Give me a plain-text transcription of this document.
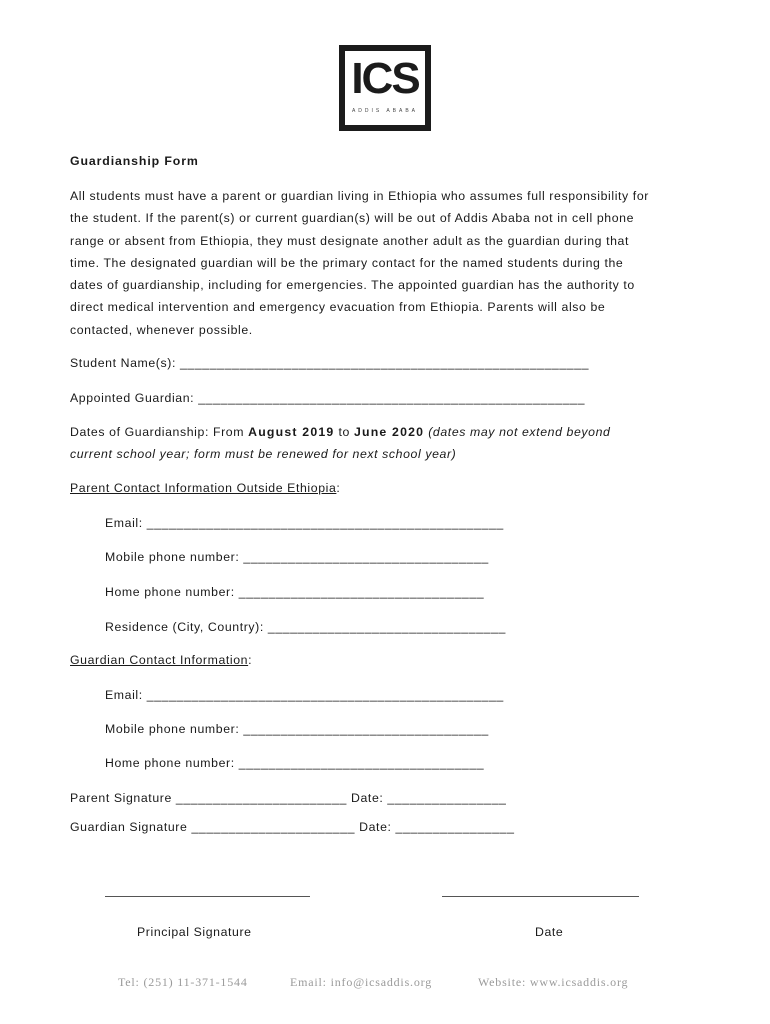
ICS
ADDIS ABABA
Guardianship Form
All students must have a parent or guardian living in Ethiopia who assumes full responsibility for
the student. If the parent(s) or current guardian(s) will be out of Addis Ababa not in cell phone
range or absent from Ethiopia, they must designate another adult as the guardian during that
time. The designated guardian will be the primary contact for the named students during the
dates of guardianship, including for emergencies. The appointed guardian has the authority to
direct medical intervention and emergency evacuation from Ethiopia. Parents will also be
contacted, whenever possible.
Student Name(s): _______________________________________________________
Appointed Guardian: ____________________________________________________
Dates of Guardianship: From August 2019 to June 2020 (dates may not extend beyond
current school year; form must be renewed for next school year)
Parent Contact Information Outside Ethiopia:
Email: ________________________________________________
Mobile phone number: _________________________________
Home phone number: _________________________________
Residence (City, Country): ________________________________
Guardian Contact Information:
Email: ________________________________________________
Mobile phone number: _________________________________
Home phone number: _________________________________
Parent Signature _______________________ Date: ________________
Guardian Signature ______________________ Date: ________________
Principal Signature	Date
Tel: (251) 11-371-1544	Email: info@icsaddis.org	Website: www.icsaddis.org
